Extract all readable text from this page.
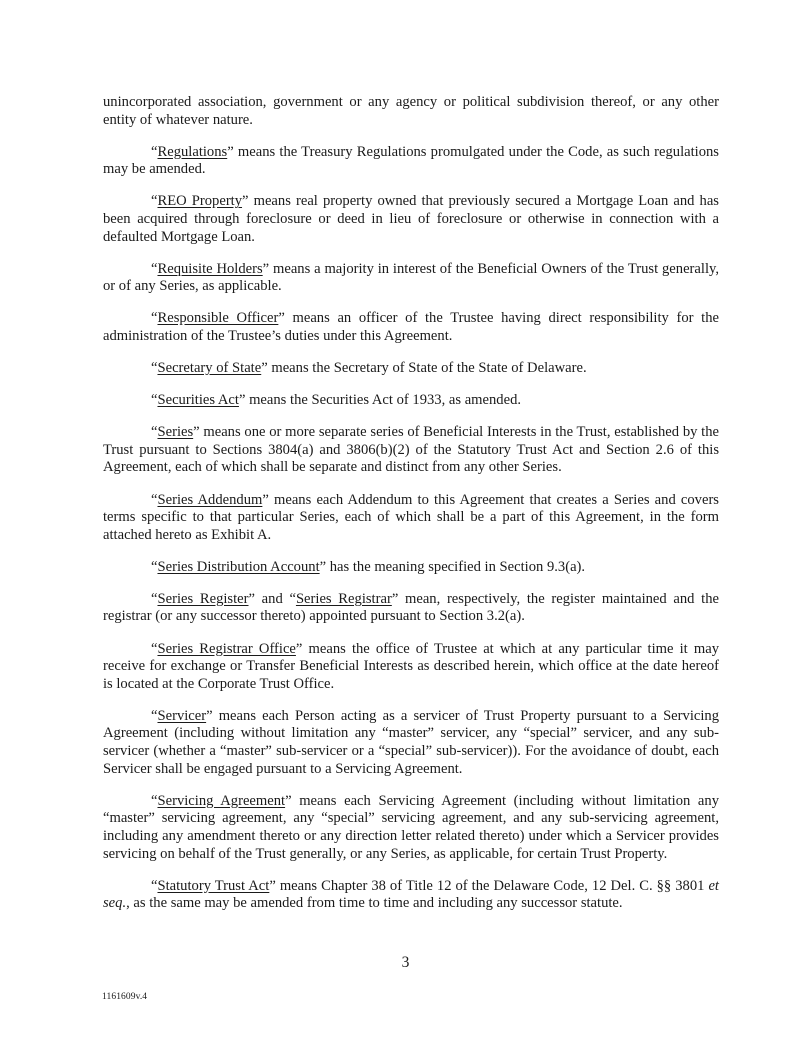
unincorporated association, government or any agency or political subdivision thereof, or any other entity of whatever nature.

“Regulations” means the Treasury Regulations promulgated under the Code, as such regulations may be amended.

“REO Property” means real property owned that previously secured a Mortgage Loan and has been acquired through foreclosure or deed in lieu of foreclosure or otherwise in connection with a defaulted Mortgage Loan.

“Requisite Holders” means a majority in interest of the Beneficial Owners of the Trust generally, or of any Series, as applicable.

“Responsible Officer” means an officer of the Trustee having direct responsibility for the administration of the Trustee’s duties under this Agreement.

“Secretary of State” means the Secretary of State of the State of Delaware.

“Securities Act” means the Securities Act of 1933, as amended.

“Series” means one or more separate series of Beneficial Interests in the Trust, established by the Trust pursuant to Sections 3804(a) and 3806(b)(2) of the Statutory Trust Act and Section 2.6 of this Agreement, each of which shall be separate and distinct from any other Series.

“Series Addendum” means each Addendum to this Agreement that creates a Series and covers terms specific to that particular Series, each of which shall be a part of this Agreement, in the form attached hereto as Exhibit A.

“Series Distribution Account” has the meaning specified in Section 9.3(a).

“Series Register” and “Series Registrar” mean, respectively, the register maintained and the registrar (or any successor thereto) appointed pursuant to Section 3.2(a).

“Series Registrar Office” means the office of Trustee at which at any particular time it may receive for exchange or Transfer Beneficial Interests as described herein, which office at the date hereof is located at the Corporate Trust Office.

“Servicer” means each Person acting as a servicer of Trust Property pursuant to a Servicing Agreement (including without limitation any “master” servicer, any “special” servicer, and any sub-servicer (whether a “master” sub-servicer or a “special” sub-servicer)). For the avoidance of doubt, each Servicer shall be engaged pursuant to a Servicing Agreement.

“Servicing Agreement” means each Servicing Agreement (including without limitation any “master” servicing agreement, any “special” servicing agreement, and any sub-servicing agreement, including any amendment thereto or any direction letter related thereto) under which a Servicer provides servicing on behalf of the Trust generally, or any Series, as applicable, for certain Trust Property.

“Statutory Trust Act” means Chapter 38 of Title 12 of the Delaware Code, 12 Del. C. §§ 3801 et seq., as the same may be amended from time to time and including any successor statute.

3
1161609v.4
